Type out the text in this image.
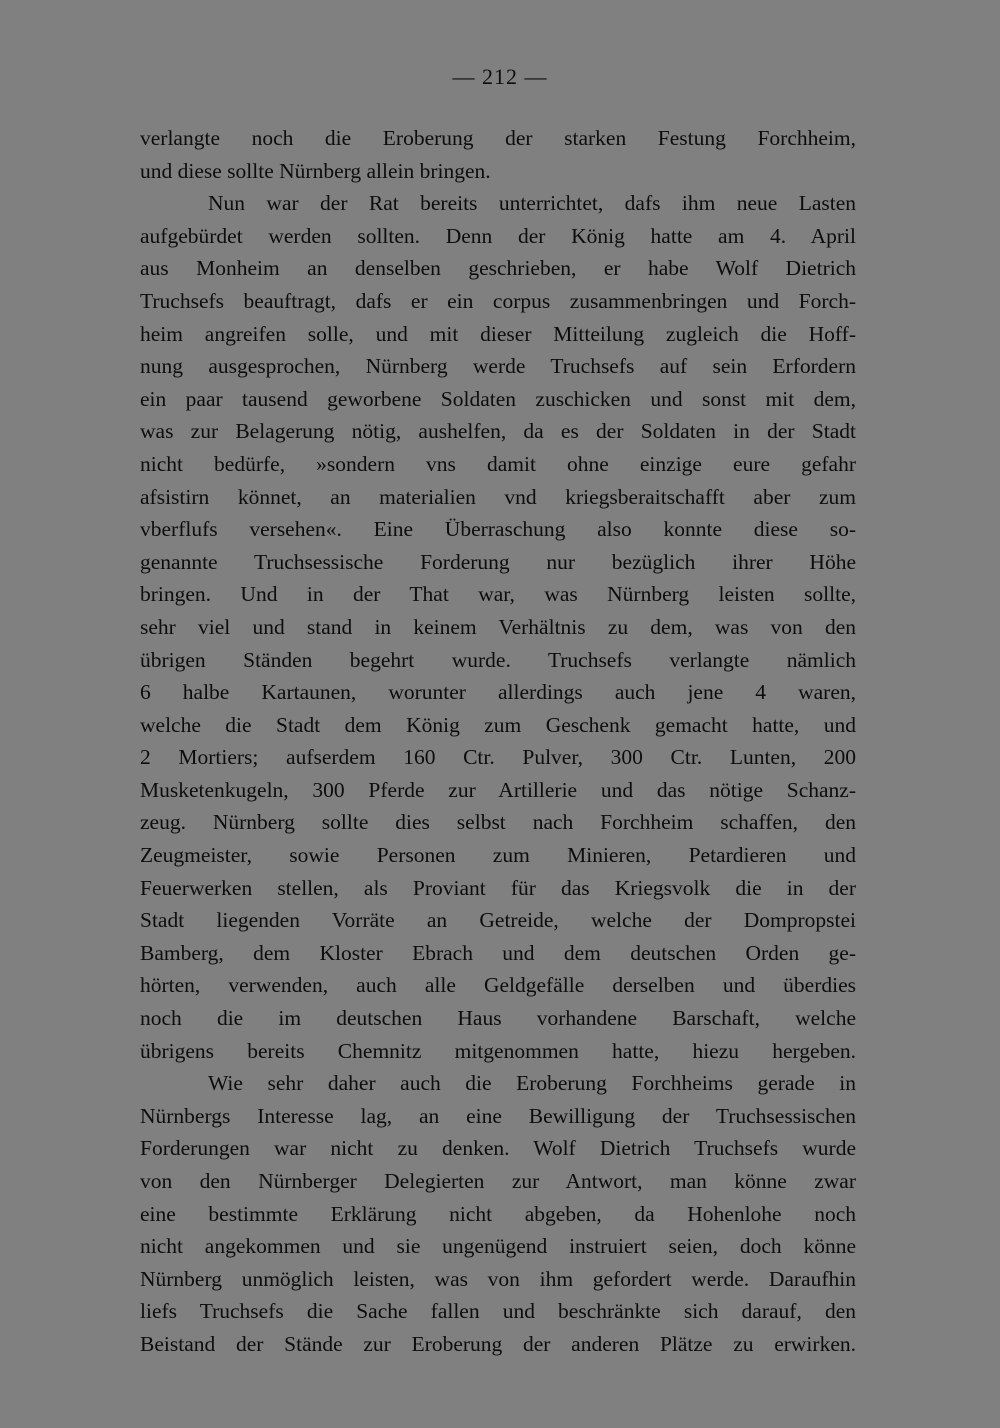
— 212 —
verlangte noch die Eroberung der starken Festung Forchheim,
und diese sollte Nürnberg allein bringen.
Nun war der Rat bereits unterrichtet, dafs ihm neue Lasten
aufgebürdet werden sollten. Denn der König hatte am 4. April
aus Monheim an denselben geschrieben, er habe Wolf Dietrich
Truchsefs beauftragt, dafs er ein corpus zusammenbringen und Forch-
heim angreifen solle, und mit dieser Mitteilung zugleich die Hoff-
nung ausgesprochen, Nürnberg werde Truchsefs auf sein Erfordern
ein paar tausend geworbene Soldaten zuschicken und sonst mit dem,
was zur Belagerung nötig, aushelfen, da es der Soldaten in der Stadt
nicht bedürfe, »sondern vns damit ohne einzige eure gefahr
afsistirn könnet, an materialien vnd kriegsberaitschafft aber zum
vberflufs versehen«. Eine Überraschung also konnte diese so-
genannte Truchsessische Forderung nur bezüglich ihrer Höhe
bringen. Und in der That war, was Nürnberg leisten sollte,
sehr viel und stand in keinem Verhältnis zu dem, was von den
übrigen Ständen begehrt wurde. Truchsefs verlangte nämlich
6 halbe Kartaunen, worunter allerdings auch jene 4 waren,
welche die Stadt dem König zum Geschenk gemacht hatte, und
2 Mortiers; aufserdem 160 Ctr. Pulver, 300 Ctr. Lunten, 200
Musketenkugeln, 300 Pferde zur Artillerie und das nötige Schanz-
zeug. Nürnberg sollte dies selbst nach Forchheim schaffen, den
Zeugmeister, sowie Personen zum Minieren, Petardieren und
Feuerwerken stellen, als Proviant für das Kriegsvolk die in der
Stadt liegenden Vorräte an Getreide, welche der Dompropstei
Bamberg, dem Kloster Ebrach und dem deutschen Orden ge-
hörten, verwenden, auch alle Geldgefälle derselben und überdies
noch die im deutschen Haus vorhandene Barschaft, welche
übrigens bereits Chemnitz mitgenommen hatte, hiezu hergeben.
Wie sehr daher auch die Eroberung Forchheims gerade in
Nürnbergs Interesse lag, an eine Bewilligung der Truchsessischen
Forderungen war nicht zu denken. Wolf Dietrich Truchsefs wurde
von den Nürnberger Delegierten zur Antwort, man könne zwar
eine bestimmte Erklärung nicht abgeben, da Hohenlohe noch
nicht angekommen und sie ungenügend instruiert seien, doch könne
Nürnberg unmöglich leisten, was von ihm gefordert werde. Daraufhin
liefs Truchsefs die Sache fallen und beschränkte sich darauf, den
Beistand der Stände zur Eroberung der anderen Plätze zu erwirken.
